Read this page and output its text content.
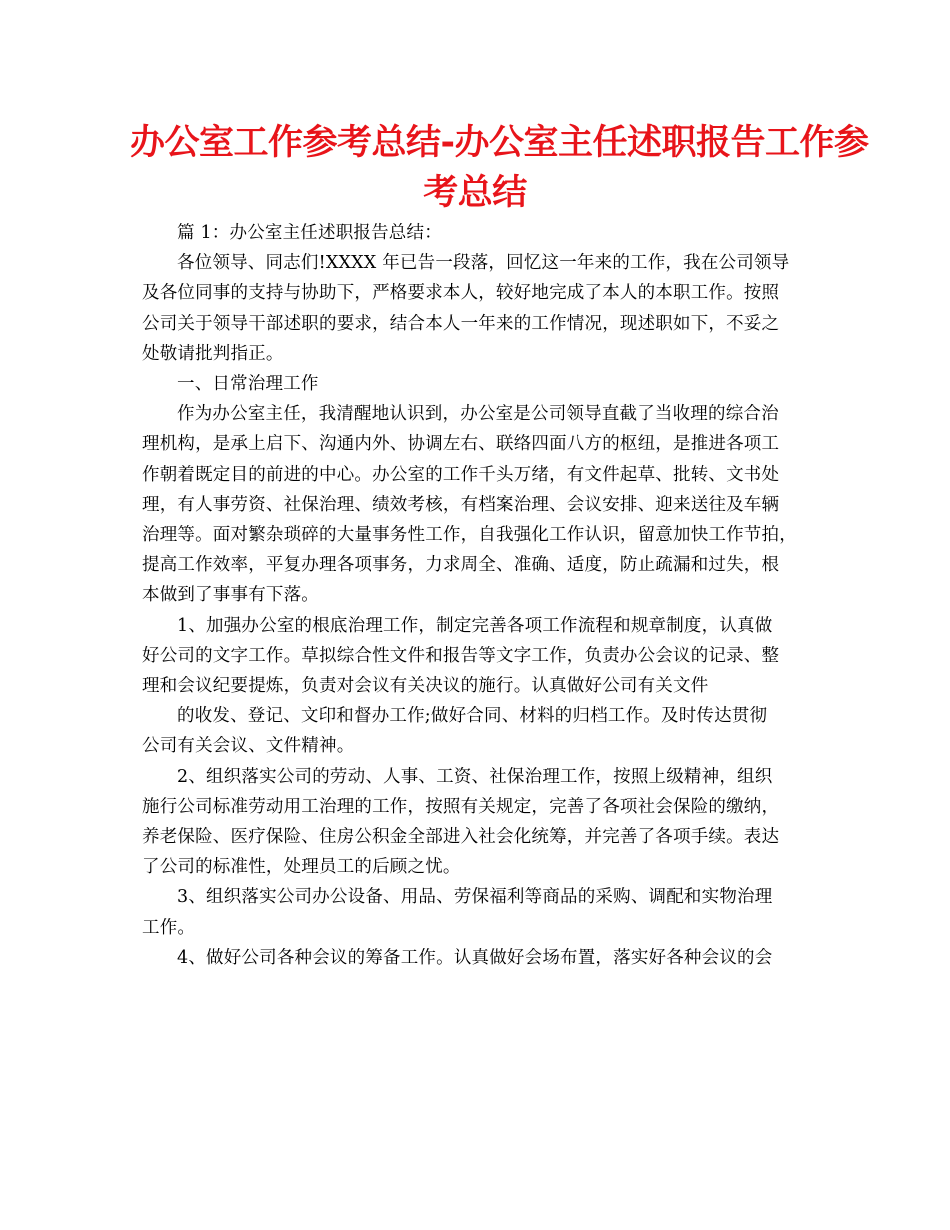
办公室工作参考总结-办公室主任述职报告工作参
考总结
篇 1：办公室主任述职报告总结：
各位领导、同志们!XXXX 年已告一段落，回忆这一年来的工作，我在公司领导
及各位同事的支持与协助下，严格要求本人，较好地完成了本人的本职工作。按照
公司关于领导干部述职的要求，结合本人一年来的工作情况，现述职如下，不妥之
处敬请批判指正。
一、日常治理工作
作为办公室主任，我清醒地认识到，办公室是公司领导直截了当收理的综合治
理机构，是承上启下、沟通内外、协调左右、联络四面八方的枢纽，是推进各项工
作朝着既定目的前进的中心。办公室的工作千头万绪，有文件起草、批转、文书处
理，有人事劳资、社保治理、绩效考核，有档案治理、会议安排、迎来送往及车辆
治理等。面对繁杂琐碎的大量事务性工作，自我强化工作认识，留意加快工作节拍，
提高工作效率，平复办理各项事务，力求周全、准确、适度，防止疏漏和过失，根
本做到了事事有下落。
1、加强办公室的根底治理工作，制定完善各项工作流程和规章制度，认真做
好公司的文字工作。草拟综合性文件和报告等文字工作，负责办公会议的记录、整
理和会议纪要提炼，负责对会议有关决议的施行。认真做好公司有关文件
的收发、登记、文印和督办工作;做好合同、材料的归档工作。及时传达贯彻
公司有关会议、文件精神。
2、组织落实公司的劳动、人事、工资、社保治理工作，按照上级精神，组织
施行公司标准劳动用工治理的工作，按照有关规定，完善了各项社会保险的缴纳，
养老保险、医疗保险、住房公积金全部进入社会化统筹，并完善了各项手续。表达
了公司的标准性，处理员工的后顾之忧。
3、组织落实公司办公设备、用品、劳保福利等商品的采购、调配和实物治理
工作。
4、做好公司各种会议的筹备工作。认真做好会场布置，落实好各种会议的会
